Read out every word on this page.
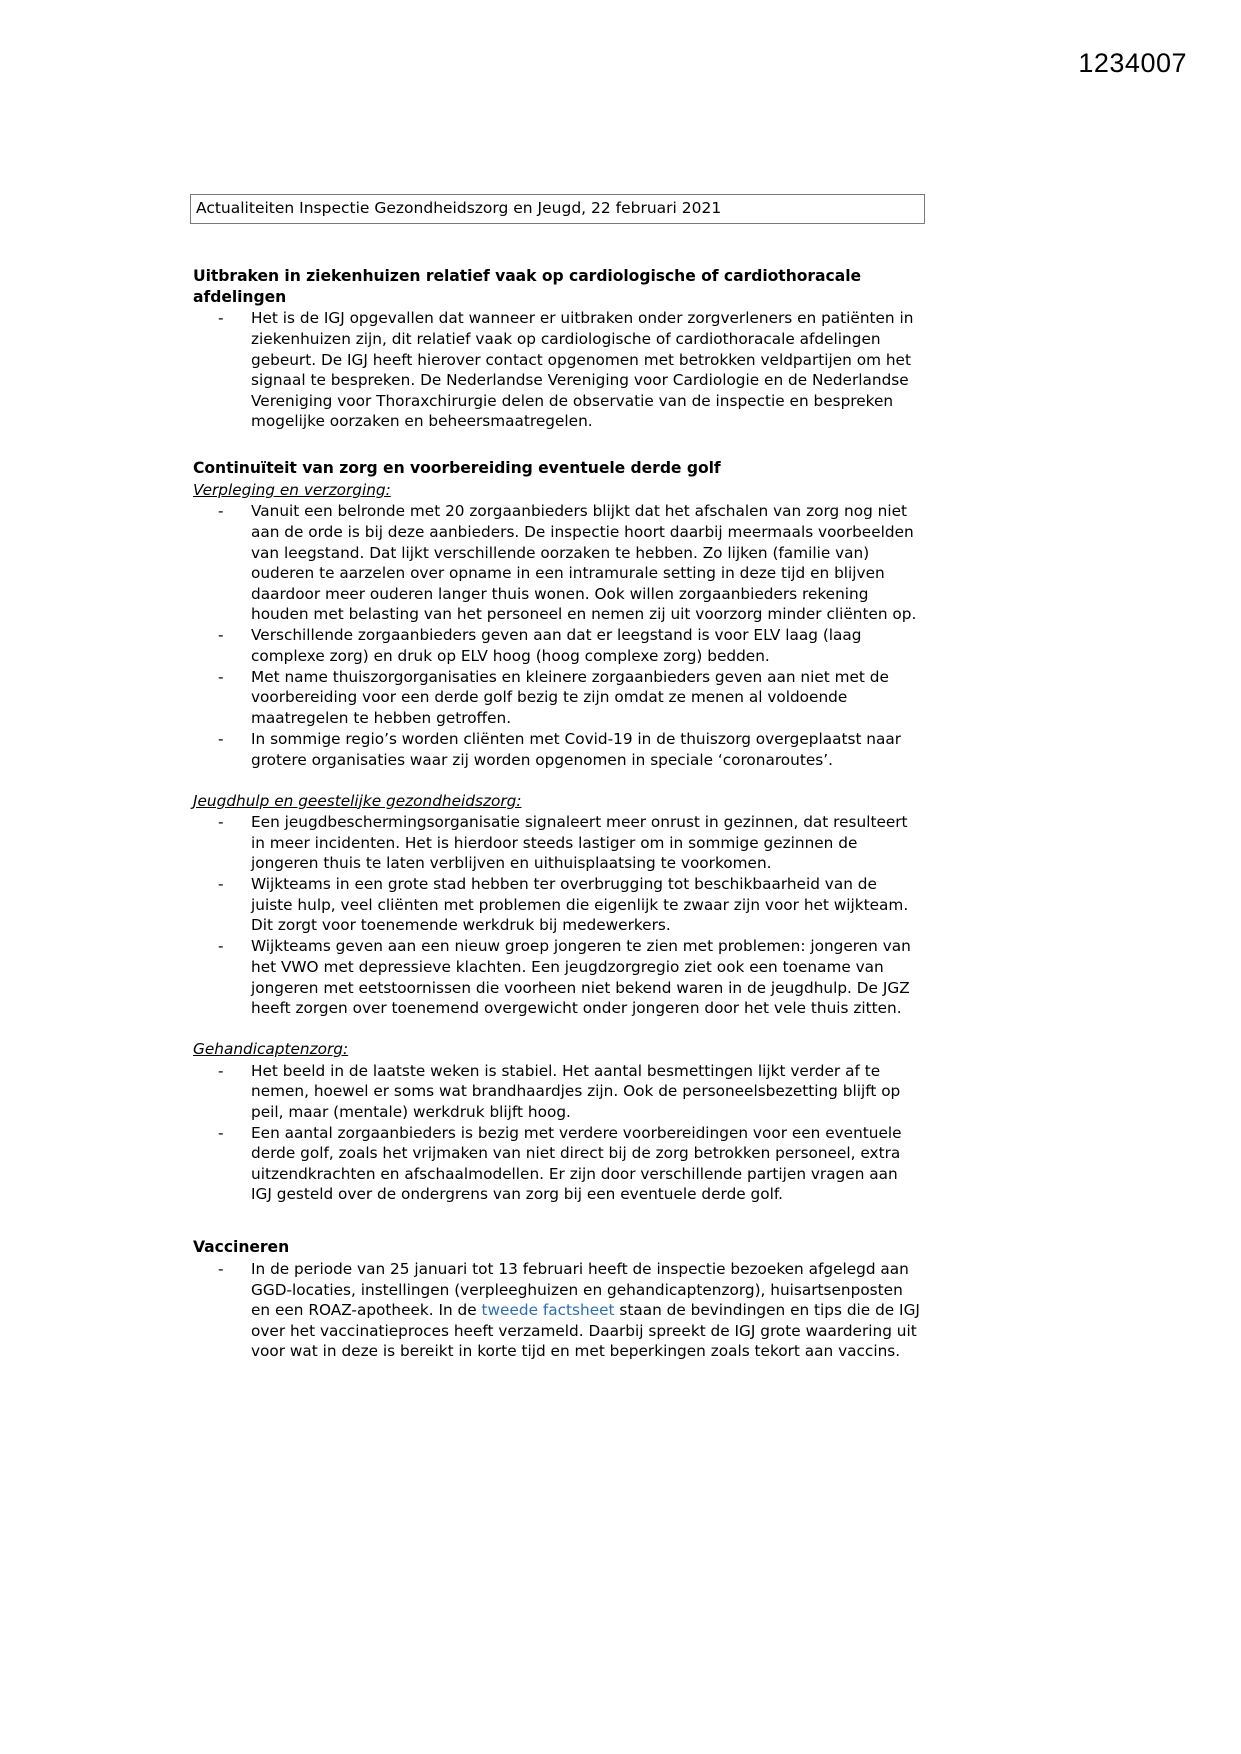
1234007
Actualiteiten Inspectie Gezondheidszorg en Jeugd, 22 februari 2021
Uitbraken in ziekenhuizen relatief vaak op cardiologische of cardiothoracale afdelingen
- Het is de IGJ opgevallen dat wanneer er uitbraken onder zorgverleners en patiënten in ziekenhuizen zijn, dit relatief vaak op cardiologische of cardiothoracale afdelingen gebeurt. De IGJ heeft hierover contact opgenomen met betrokken veldpartijen om het signaal te bespreken. De Nederlandse Vereniging voor Cardiologie en de Nederlandse Vereniging voor Thoraxchirurgie delen de observatie van de inspectie en bespreken mogelijke oorzaken en beheersmaatregelen.
Continuïteit van zorg en voorbereiding eventuele derde golf
Verpleging en verzorging:
- Vanuit een belronde met 20 zorgaanbieders blijkt dat het afschalen van zorg nog niet aan de orde is bij deze aanbieders. De inspectie hoort daarbij meermaals voorbeelden van leegstand. Dat lijkt verschillende oorzaken te hebben. Zo lijken (familie van) ouderen te aarzelen over opname in een intramurale setting in deze tijd en blijven daardoor meer ouderen langer thuis wonen. Ook willen zorgaanbieders rekening houden met belasting van het personeel en nemen zij uit voorzorg minder cliënten op.
- Verschillende zorgaanbieders geven aan dat er leegstand is voor ELV laag (laag complexe zorg) en druk op ELV hoog (hoog complexe zorg) bedden.
- Met name thuiszorgorganisaties en kleinere zorgaanbieders geven aan niet met de voorbereiding voor een derde golf bezig te zijn omdat ze menen al voldoende maatregelen te hebben getroffen.
- In sommige regio’s worden cliënten met Covid-19 in de thuiszorg overgeplaatst naar grotere organisaties waar zij worden opgenomen in speciale ‘coronaroutes’.
Jeugdhulp en geestelijke gezondheidszorg:
- Een jeugdbeschermingsorganisatie signaleert meer onrust in gezinnen, dat resulteert in meer incidenten. Het is hierdoor steeds lastiger om in sommige gezinnen de jongeren thuis te laten verblijven en uithuisplaatsing te voorkomen.
- Wijkteams in een grote stad hebben ter overbrugging tot beschikbaarheid van de juiste hulp, veel cliënten met problemen die eigenlijk te zwaar zijn voor het wijkteam. Dit zorgt voor toenemende werkdruk bij medewerkers.
- Wijkteams geven aan een nieuw groep jongeren te zien met problemen: jongeren van het VWO met depressieve klachten. Een jeugdzorgregio ziet ook een toename van jongeren met eetstoornissen die voorheen niet bekend waren in de jeugdhulp. De JGZ heeft zorgen over toenemend overgewicht onder jongeren door het vele thuis zitten.
Gehandicaptenzorg:
- Het beeld in de laatste weken is stabiel. Het aantal besmettingen lijkt verder af te nemen, hoewel er soms wat brandhaardjes zijn. Ook de personeelsbezetting blijft op peil, maar (mentale) werkdruk blijft hoog.
- Een aantal zorgaanbieders is bezig met verdere voorbereidingen voor een eventuele derde golf, zoals het vrijmaken van niet direct bij de zorg betrokken personeel, extra uitzendkrachten en afschaalmodellen. Er zijn door verschillende partijen vragen aan IGJ gesteld over de ondergrens van zorg bij een eventuele derde golf.
Vaccineren
- In de periode van 25 januari tot 13 februari heeft de inspectie bezoeken afgelegd aan GGD-locaties, instellingen (verpleeghuizen en gehandicaptenzorg), huisartsenposten en een ROAZ-apotheek. In de tweede factsheet staan de bevindingen en tips die de IGJ over het vaccinatieproces heeft verzameld. Daarbij spreekt de IGJ grote waardering uit voor wat in deze is bereikt in korte tijd en met beperkingen zoals tekort aan vaccins.
